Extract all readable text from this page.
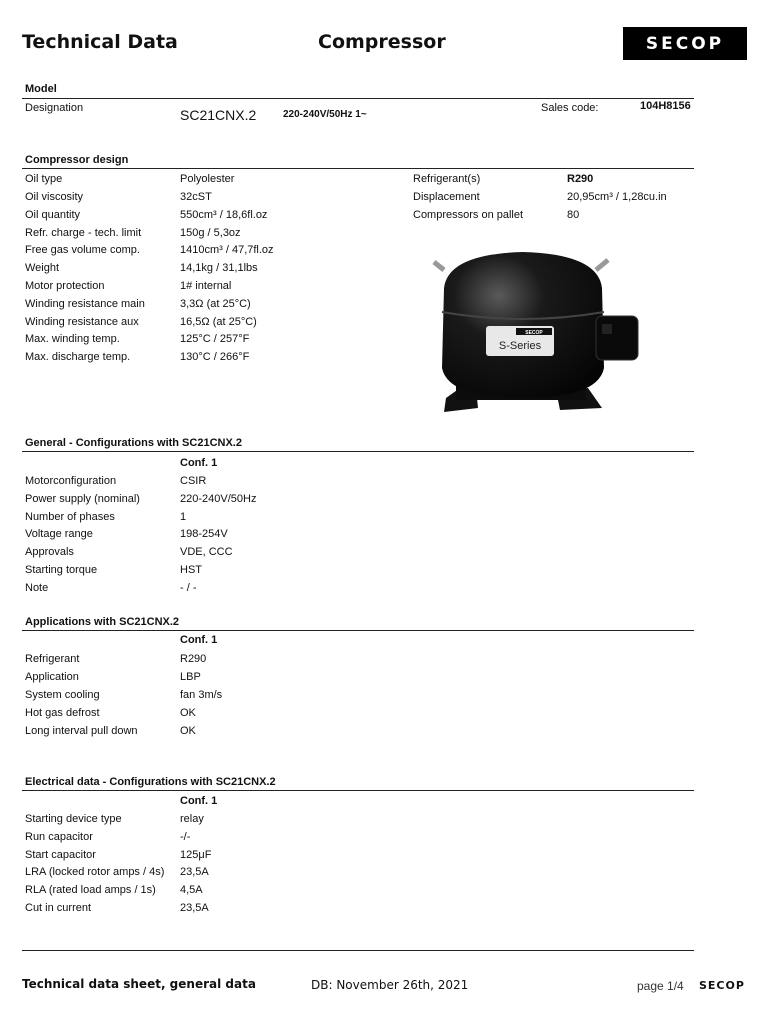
Technical Data	Compressor	SECOP
Model
Designation	SC21CNX.2	220-240V/50Hz 1~
Sales code:	104H8156
Compressor design
Oil type	Polyolester
Oil viscosity	32cST
Oil quantity	550cm³ / 18,6fl.oz
Refr. charge - tech. limit	150g / 5,3oz
Free gas volume comp.	1410cm³ / 47,7fl.oz
Weight	14,1kg / 31,1lbs
Motor protection	1# internal
Winding resistance main	3,3Ω (at 25°C)
Winding resistance aux	16,5Ω (at 25°C)
Max. winding temp.	125°C / 257°F
Max. discharge temp.	130°C / 266°F
Refrigerant(s)	R290
Displacement	20,95cm³ / 1,28cu.in
Compressors on pallet	80
SECOP
S-Series
General - Configurations with SC21CNX.2
Conf. 1
Motorconfiguration	CSIR
Power supply (nominal)	220-240V/50Hz
Number of phases	1
Voltage range	198-254V
Approvals	VDE, CCC
Starting torque	HST
Note	- / -
Applications with SC21CNX.2
Conf. 1
Refrigerant	R290
Application	LBP
System cooling	fan 3m/s
Hot gas defrost	OK
Long interval pull down	OK
Electrical data - Configurations with SC21CNX.2
Conf. 1
Starting device type	relay
Run capacitor	-/-
Start capacitor	125μF
LRA (locked rotor amps / 4s) 23,5A
RLA (rated load amps / 1s) 4,5A
Cut in current	23,5A
Technical data sheet, general data	DB: November 26th, 2021	page 1/4 SECOP
